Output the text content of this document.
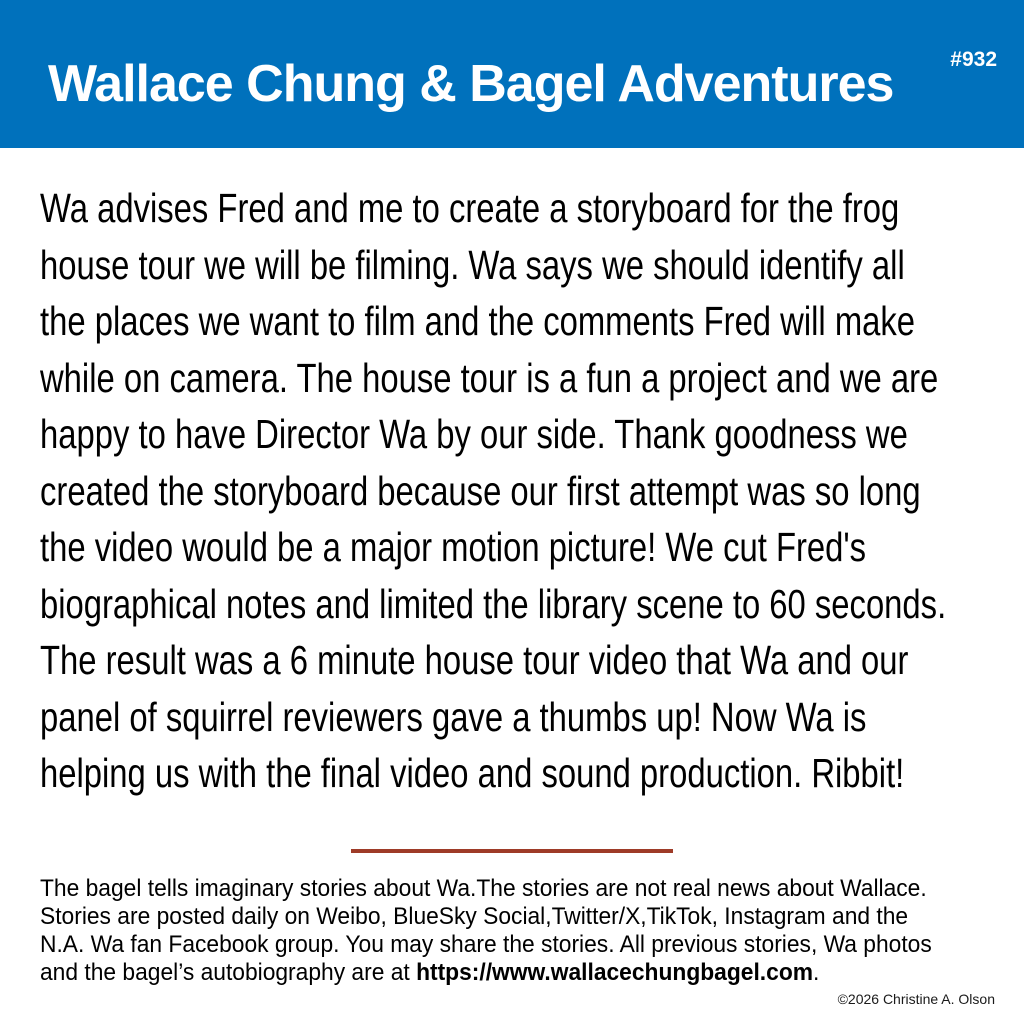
#932
Wallace Chung & Bagel Adventures
Wa advises Fred and me to create a storyboard for the frog
house tour we will be filming. Wa says we should identify all
the places we want to film and the comments Fred will make
while on camera. The house tour is a fun a project and we are
happy to have Director Wa by our side. Thank goodness we
created the storyboard because our first attempt was so long
the video would be a major motion picture! We cut Fred's
biographical notes and limited the library scene to 60 seconds.
The result was a 6 minute house tour video that Wa and our
panel of squirrel reviewers gave a thumbs up! Now Wa is
helping us with the final video and sound production. Ribbit!
The bagel tells imaginary stories about Wa.The stories are not real news about Wallace.
Stories are posted daily on Weibo, BlueSky Social,Twitter/X,TikTok, Instagram and the
N.A. Wa fan Facebook group. You may share the stories. All previous stories, Wa photos
and the bagel’s autobiography are at https://www.wallacechungbagel.com.
©2026 Christine A. Olson
